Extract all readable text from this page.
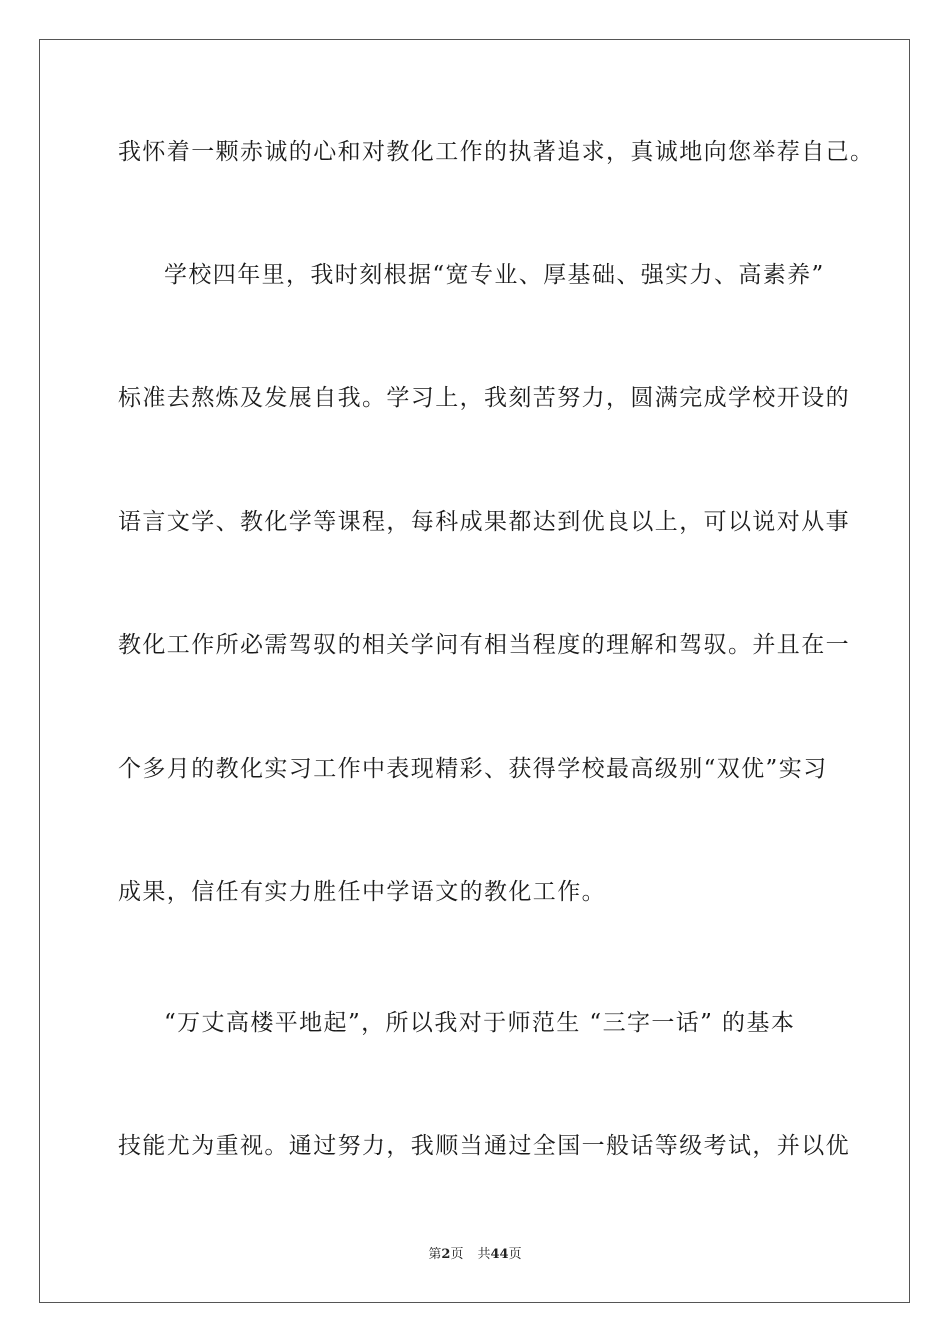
我怀着一颗赤诚的心和对教化工作的执著追求，真诚地向您举荐自己。
学校四年里，我时刻根据“宽专业、厚基础、强实力、高素养”
标准去熬炼及发展自我。学习上，我刻苦努力，圆满完成学校开设的
语言文学、教化学等课程，每科成果都达到优良以上，可以说对从事
教化工作所必需驾驭的相关学问有相当程度的理解和驾驭。并且在一
个多月的教化实习工作中表现精彩、获得学校最高级别“双优”实习
成果，信任有实力胜任中学语文的教化工作。
“万丈高楼平地起”，所以我对于师范生 “三字一话” 的基本
技能尤为重视。通过努力，我顺当通过全国一般话等级考试，并以优
第2页 共44页
